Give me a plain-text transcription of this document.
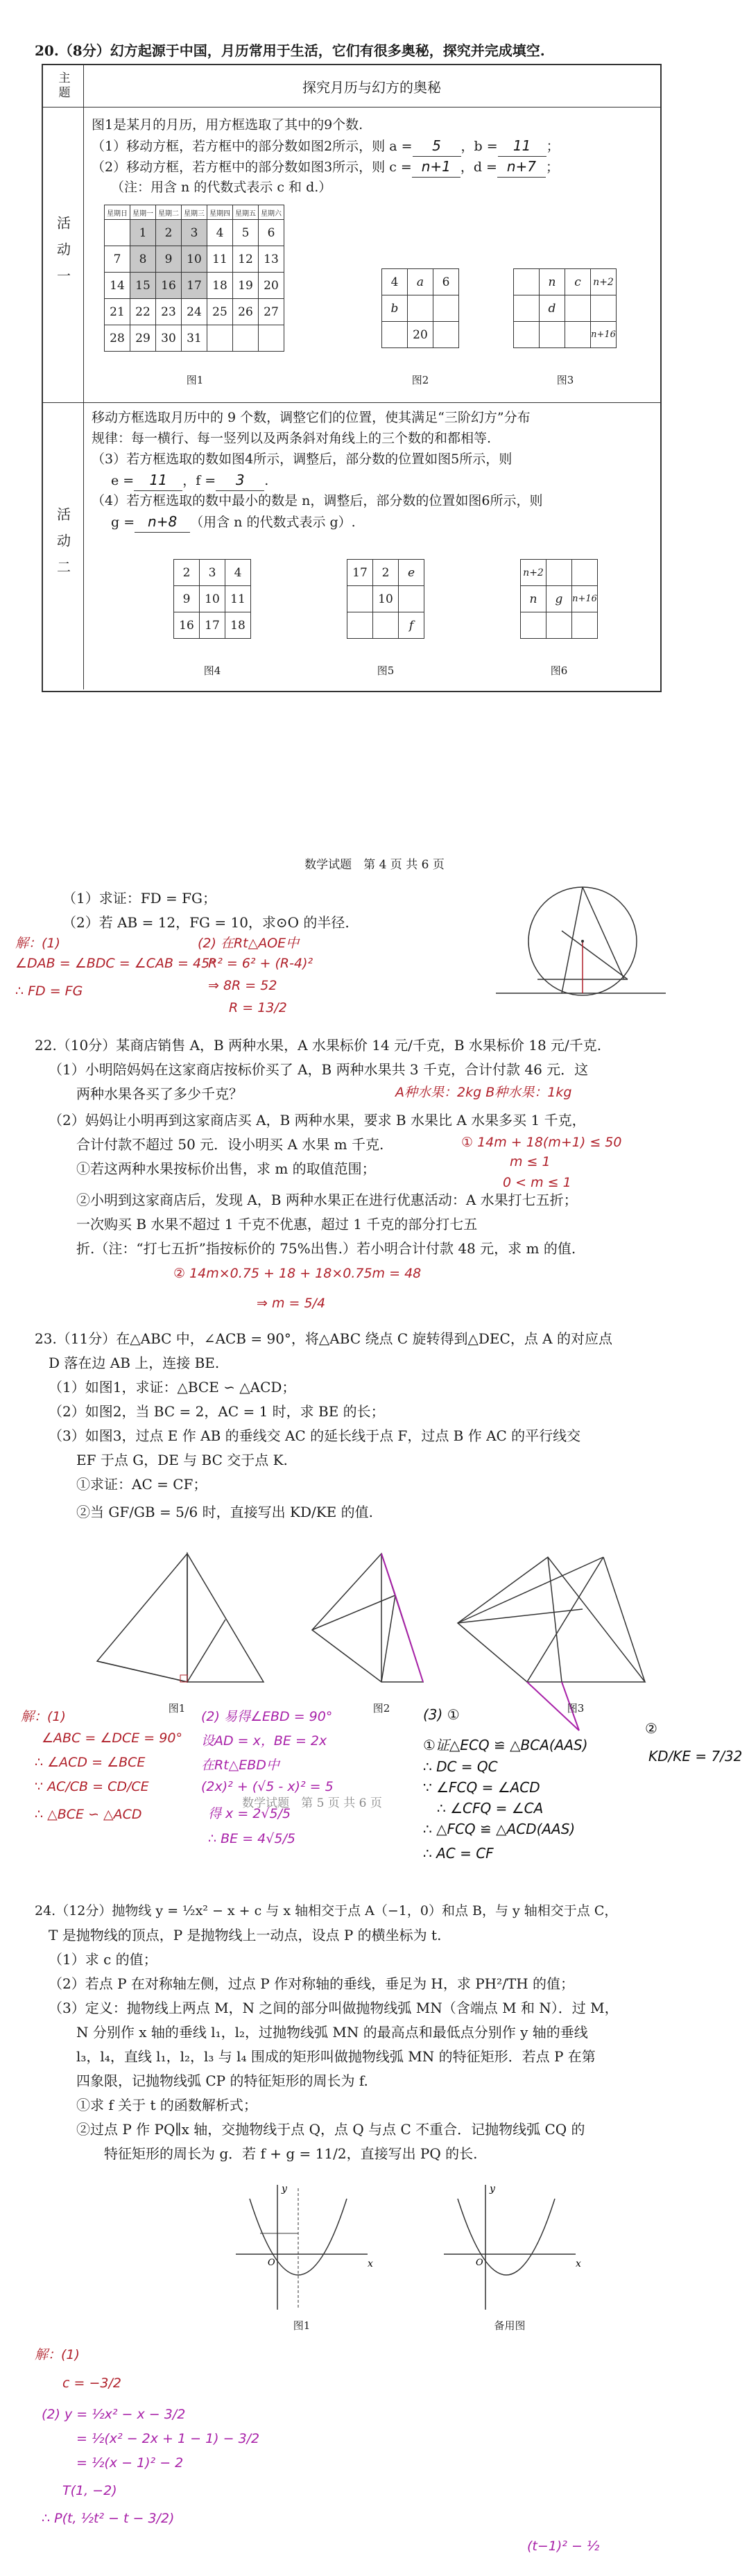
20.（8分）幻方起源于中国，月历常用于生活，它们有很多奥秘，探究并完成填空.
主题	探究月历与幻方的奥秘
活动一
图1是某月的月历，用方框选取了其中的9个数.
（1）移动方框，若方框中的部分数如图2所示，则 a = 5 ，b = 11 ；
（2）移动方框，若方框中的部分数如图3所示，则 c = n+1 ，d = n+7 ；
（注：用含 n 的代数式表示 c 和 d.）
星期日	星期一	星期二	星期三	星期四	星期五	星期六
	1	2	3	4	5	6
7	8	9	10	11	12	13
14	15	16	17	18	19	20
21	22	23	24	25	26	27
28	29	30	31			
图1
4	a	6
b		
	20	
图2
	n	c	n+2
	d		
			n+16
图3
活动二
移动方框选取月历中的 9 个数，调整它们的位置，使其满足“三阶幻方”分布
规律：每一横行、每一竖列以及两条斜对角线上的三个数的和都相等.
（3）若方框选取的数如图4所示，调整后，部分数的位置如图5所示，则
e = 11 ，f = 3 .
（4）若方框选取的数中最小的数是 n，调整后，部分数的位置如图6所示，则
g = n+8 （用含 n 的代数式表示 g）.
2	3	4
9	10	11
16	17	18
图4
17	2	e
	10	
		f
图5
n+2		
n	g	n+16

图6
数学试题　第 4 页 共 6 页
（1）求证：FD = FG；
（2）若 AB = 12，FG = 10，求⊙O 的半径.
解：(1)
∠DAB = ∠BDC = ∠CAB = 45°
∴ FD = FG
(2) 在Rt△AOE中
R² = 6² + (R-4)²
⇒ 8R = 52
R = 13/2
22.（10分）某商店销售 A，B 两种水果，A 水果标价 14 元/千克，B 水果标价 18 元/千克.
（1）小明陪妈妈在这家商店按标价买了 A，B 两种水果共 3 千克，合计付款 46 元．这
两种水果各买了多少千克？	A种水果：2kg B种水果：1kg
（2）妈妈让小明再到这家商店买 A，B 两种水果，要求 B 水果比 A 水果多买 1 千克，
合计付款不超过 50 元．设小明买 A 水果 m 千克.	① 14m + 18(m+1) ≤ 50
①若这两种水果按标价出售，求 m 的取值范围；	m ≤ 1
0 < m ≤ 1
②小明到这家商店后，发现 A，B 两种水果正在进行优惠活动：A 水果打七五折；
一次购买 B 水果不超过 1 千克不优惠，超过 1 千克的部分打七五
折.（注：“打七五折”指按标价的 75%出售.）若小明合计付款 48 元，求 m 的值.
② 14m×0.75 + 18 + 18×0.75m = 48
⇒ m = 5/4
23.（11分）在△ABC 中，∠ACB = 90°，将△ABC 绕点 C 旋转得到△DEC，点 A 的对应点
D 落在边 AB 上，连接 BE.
（1）如图1，求证：△BCE ∽ △ACD；
（2）如图2，当 BC = 2，AC = 1 时，求 BE 的长；
（3）如图3，过点 E 作 AB 的垂线交 AC 的延长线于点 F，过点 B 作 AC 的平行线交
EF 于点 G，DE 与 BC 交于点 K.
①求证：AC = CF；
②当 GF/GB = 5/6 时，直接写出 KD/KE 的值.
图1	图2	图3
解：(1)
∠ABC = ∠DCE = 90°
∴ ∠ACD = ∠BCE
∵ AC/CB = CD/CE
∴ △BCE ∽ △ACD
(2) 易得∠EBD = 90°
设AD = x，BE = 2x
在Rt△EBD中
(2x)² + (√5 - x)² = 5
得 x = 2√5/5
∴ BE = 4√5/5
(3) ①
①证△ECQ ≌ △BCA(AAS)
∴ DC = QC
∵ ∠FCQ = ∠ACD
∴ ∠CFQ = ∠CA
∴ △FCQ ≌ △ACD(AAS)
∴ AC = CF
②
KD/KE = 7/32
数学试题　第 5 页 共 6 页
24.（12分）抛物线 y = ½x² − x + c 与 x 轴相交于点 A（−1，0）和点 B，与 y 轴相交于点 C，
T 是抛物线的顶点，P 是抛物线上一动点，设点 P 的横坐标为 t.
（1）求 c 的值；
（2）若点 P 在对称轴左侧，过点 P 作对称轴的垂线，垂足为 H，求 PH²/TH 的值；
（3）定义：抛物线上两点 M，N 之间的部分叫做抛物线弧 MN（含端点 M 和 N）．过 M，
N 分别作 x 轴的垂线 l₁，l₂，过抛物线弧 MN 的最高点和最低点分别作 y 轴的垂线
l₃，l₄，直线 l₁，l₂，l₃ 与 l₄ 围成的矩形叫做抛物线弧 MN 的特征矩形．若点 P 在第
四象限，记抛物线弧 CP 的特征矩形的周长为 f.
①求 f 关于 t 的函数解析式；
②过点 P 作 PQ∥x 轴，交抛物线于点 Q，点 Q 与点 C 不重合．记抛物线弧 CQ 的
特征矩形的周长为 g．若 f + g = 11/2，直接写出 PQ 的长.
x
y
O
图1
x
y
O
备用图
解：(1)
c = −3/2
(2) y = ½x² − x − 3/2
= ½(x² − 2x + 1 − 1) − 3/2
= ½(x − 1)² − 2
T(1, −2)
∴ P(t, ½t² − t − 3/2)
(t−1)² − ½
